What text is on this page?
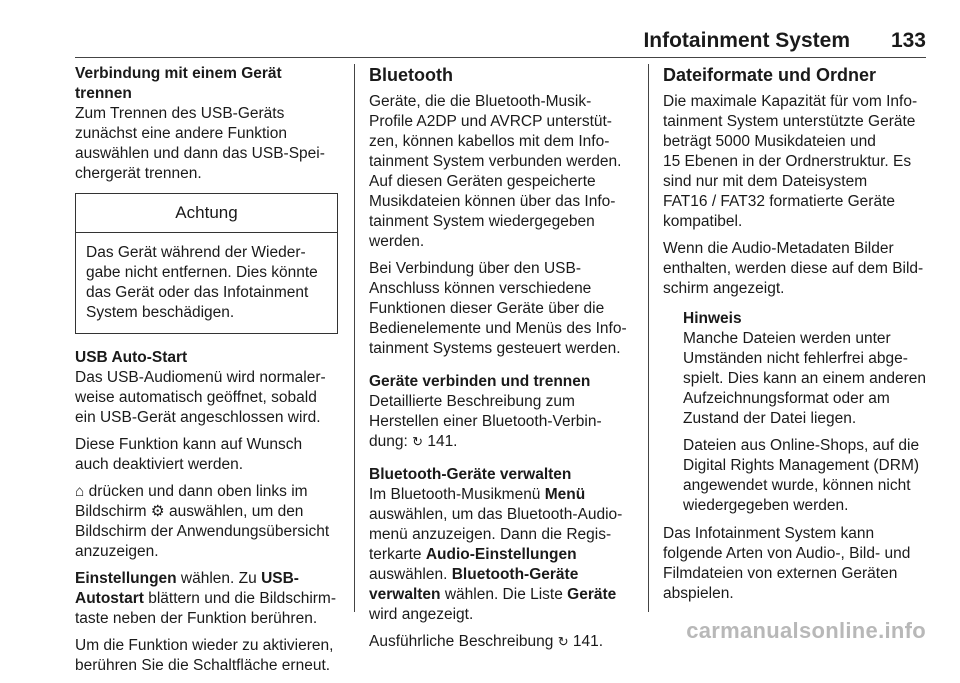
Infotainment System 133
Verbindung mit einem Gerät trennen

Zum Trennen des USB-Geräts
zunächst eine andere Funktion
auswählen und dann das USB-Spei-
chergerät trennen.

Achtung
Das Gerät während der Wieder-
gabe nicht entfernen. Dies könnte
das Gerät oder das Infotainment
System beschädigen.
USB Auto-Start

Das USB-Audiomenü wird normaler-
weise automatisch geöffnet, sobald
ein USB-Gerät angeschlossen wird.

Diese Funktion kann auf Wunsch
auch deaktiviert werden.

⌂ drücken und dann oben links im
Bildschirm ⚙ auswählen, um den
Bildschirm der Anwendungsübersicht
anzuzeigen.

Einstellungen wählen. Zu USB-
Autostart blättern und die Bildschirm-
taste neben der Funktion berühren.

Um die Funktion wieder zu aktivieren,
berühren Sie die Schaltfläche erneut.

Bluetooth

Geräte, die die Bluetooth-Musik-
Profile A2DP und AVRCP unterstüt-
zen, können kabellos mit dem Info-
tainment System verbunden werden.
Auf diesen Geräten gespeicherte
Musikdateien können über das Info-
tainment System wiedergegeben
werden.

Bei Verbindung über den USB-
Anschluss können verschiedene
Funktionen dieser Geräte über die
Bedienelemente und Menüs des Info-
tainment Systems gesteuert werden.

Geräte verbinden und trennen

Detaillierte Beschreibung zum
Herstellen einer Bluetooth-Verbin-
dung: ↻ 141.

Bluetooth-Geräte verwalten

Im Bluetooth-Musikmenü Menü
auswählen, um das Bluetooth-Audio-
menü anzuzeigen. Dann die Regis-
terkarte Audio-Einstellungen
auswählen. Bluetooth-Geräte
verwalten wählen. Die Liste Geräte
wird angezeigt.

Ausführliche Beschreibung ↻ 141.

Dateiformate und Ordner

Die maximale Kapazität für vom Info-
tainment System unterstützte Geräte
beträgt 5000 Musikdateien und
15 Ebenen in der Ordnerstruktur. Es
sind nur mit dem Dateisystem
FAT16 / FAT32 formatierte Geräte
kompatibel.

Wenn die Audio-Metadaten Bilder
enthalten, werden diese auf dem Bild-
schirm angezeigt.

Hinweis

Manche Dateien werden unter
Umständen nicht fehlerfrei abge-
spielt. Dies kann an einem anderen
Aufzeichnungsformat oder am
Zustand der Datei liegen.

Dateien aus Online-Shops, auf die
Digital Rights Management (DRM)
angewendet wurde, können nicht
wiedergegeben werden.

Das Infotainment System kann
folgende Arten von Audio-, Bild- und
Filmdateien von externen Geräten
abspielen.

carmanualsonline.info
